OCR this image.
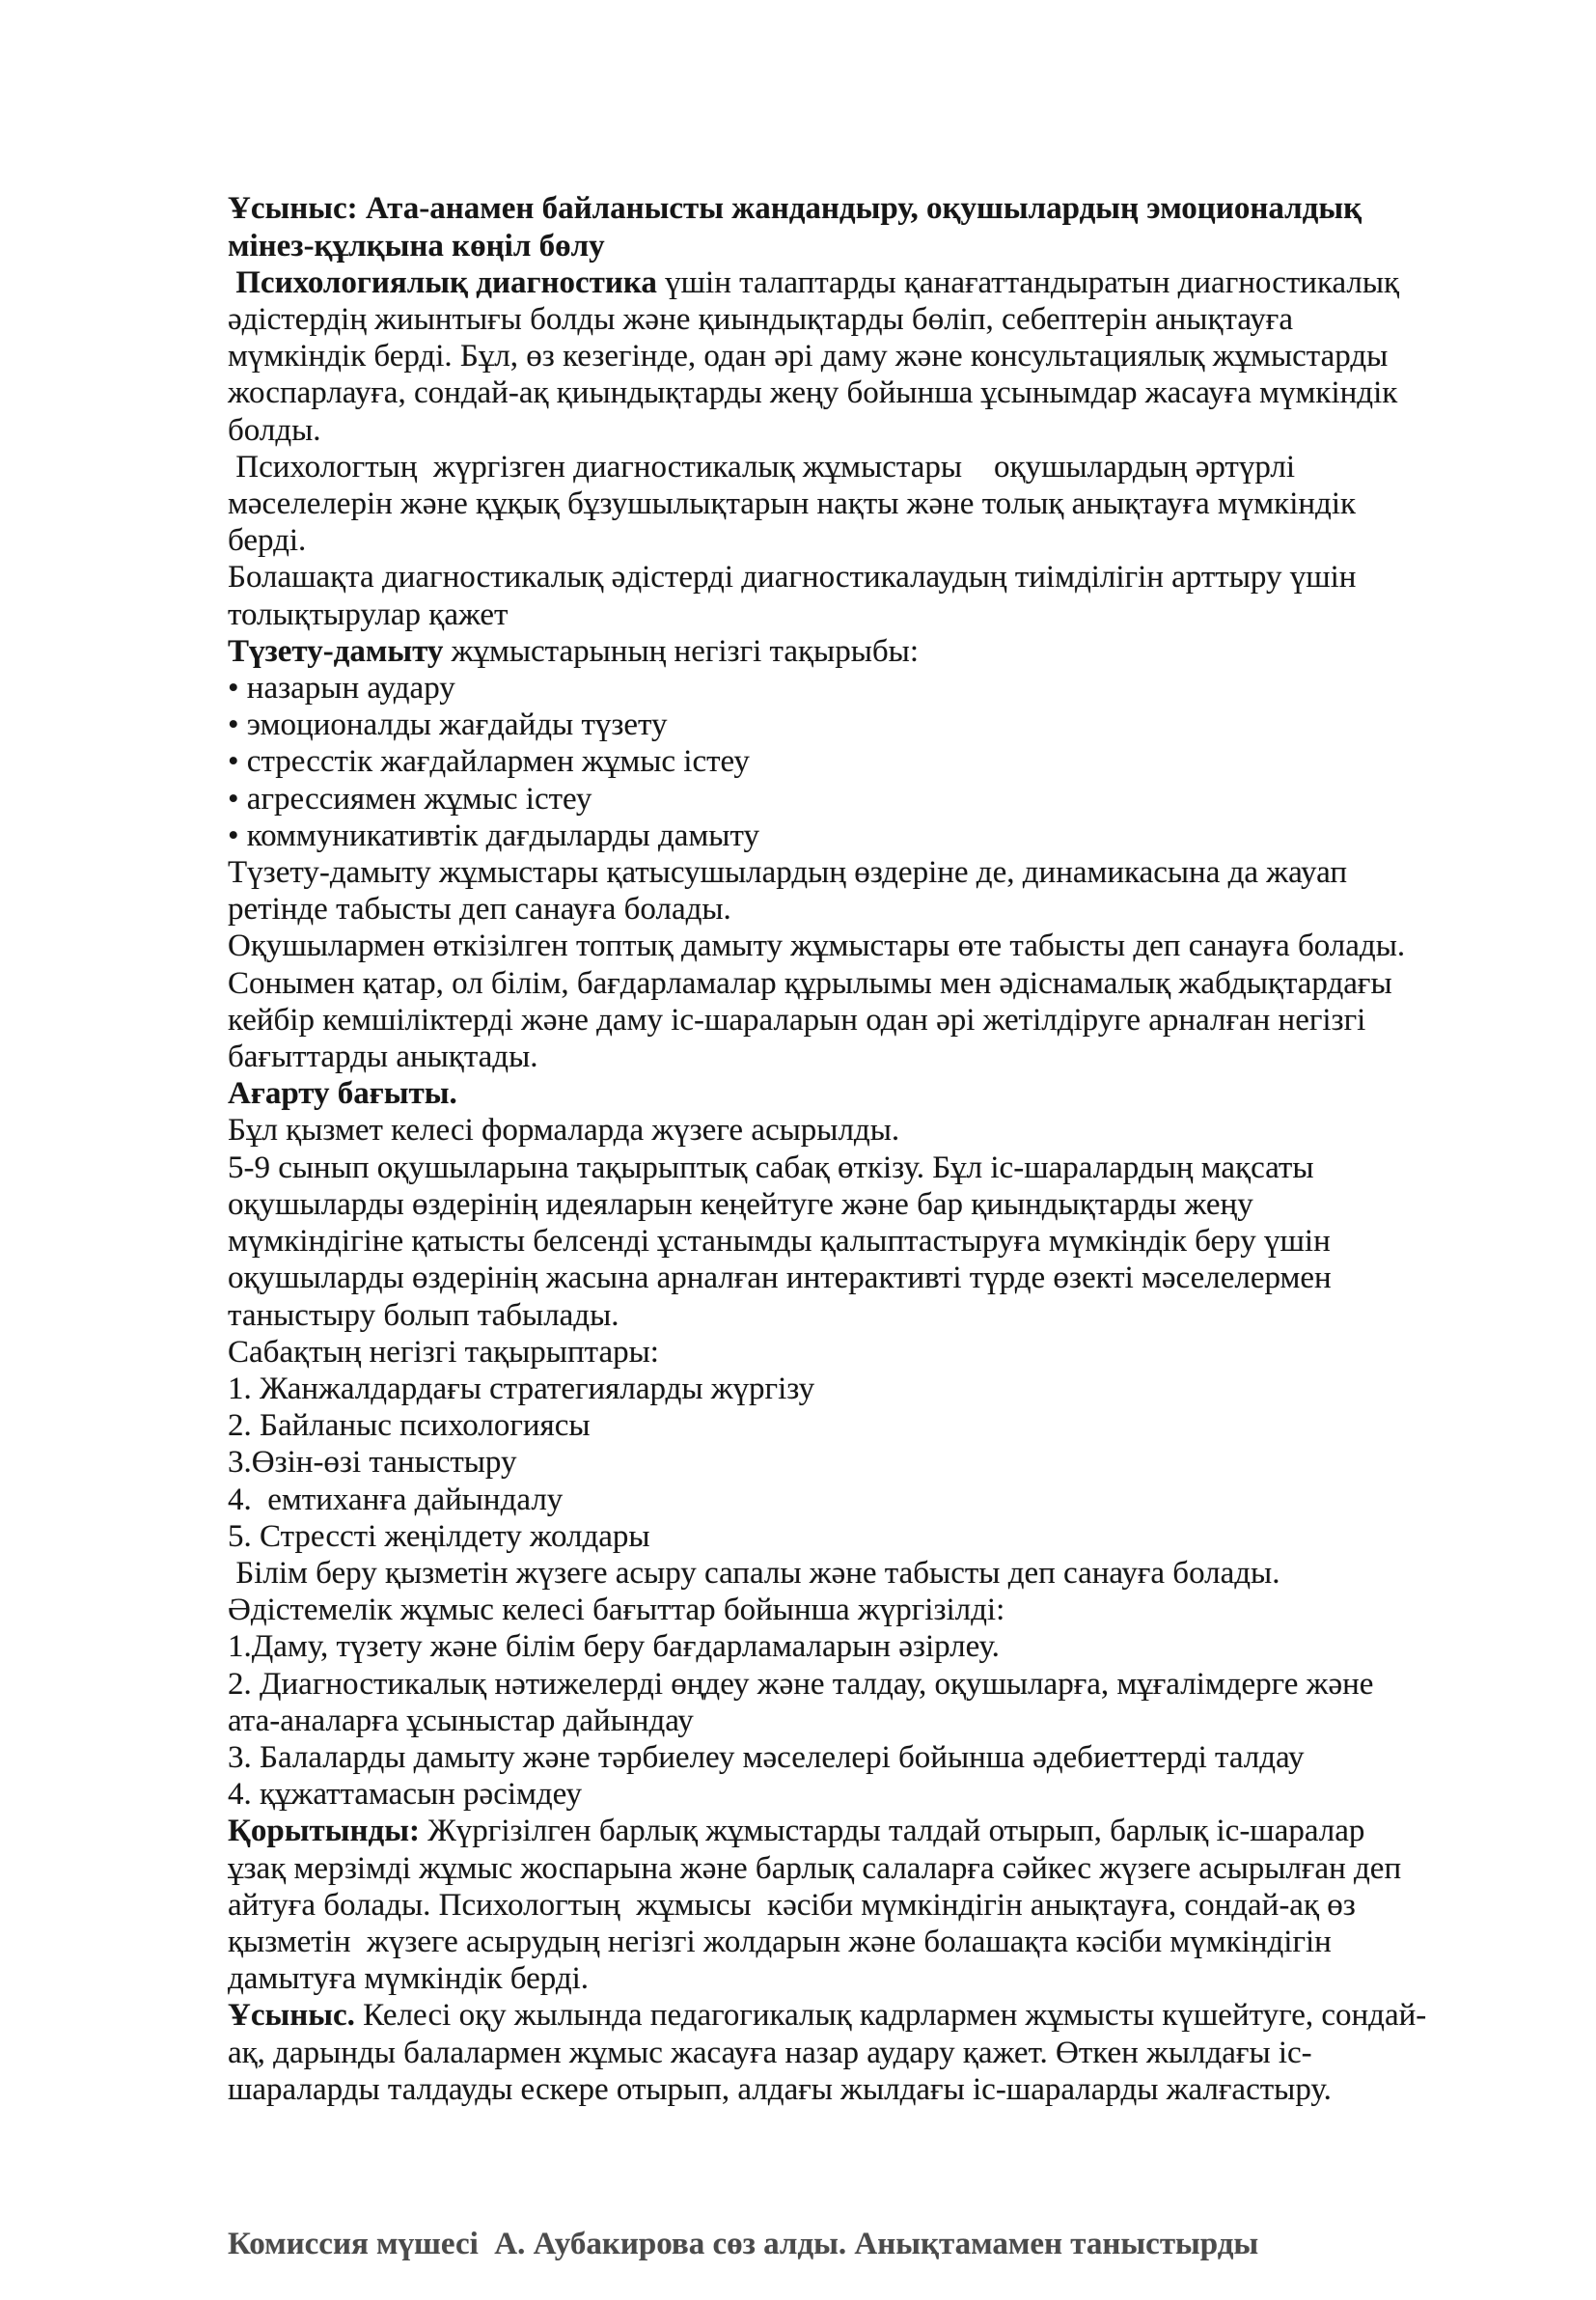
Ұсыныс: Ата-анамен байланысты жандандыру, оқушылардың эмоционалдық
мінез-құлқына көңіл бөлу
Психологиялық диагностика үшін талаптарды қанағаттандыратын диагностикалық
әдістердің жиынтығы болды және қиындықтарды бөліп, себептерін анықтауға
мүмкіндік берді. Бұл, өз кезегінде, одан әрі даму және консультациялық жұмыстарды
жоспарлауға, сондай-ақ қиындықтарды жеңу бойынша ұсынымдар жасауға мүмкіндік
болды.
Психологтың  жүргізген диагностикалық жұмыстары    оқушылардың әртүрлі
мәселелерін және құқық бұзушылықтарын нақты және толық анықтауға мүмкіндік
берді.
Болашақта диагностикалық әдістерді диагностикалаудың тиімділігін арттыру үшін
толықтырулар қажет
Түзету-дамыту жұмыстарының негізгі тақырыбы:
• назарын аудару
• эмоционалды жағдайды түзету
• стресстік жағдайлармен жұмыс істеу
• агрессиямен жұмыс істеу
• коммуникативтік дағдыларды дамыту
Түзету-дамыту жұмыстары қатысушылардың өздеріне де, динамикасына да жауап
ретінде табысты деп санауға болады.
Оқушылармен өткізілген топтық дамыту жұмыстары өте табысты деп санауға болады.
Сонымен қатар, ол білім, бағдарламалар құрылымы мен әдіснамалық жабдықтардағы
кейбір кемшіліктерді және даму іс-шараларын одан әрі жетілдіруге арналған негізгі
бағыттарды анықтады.
Ағарту бағыты.
Бұл қызмет келесі формаларда жүзеге асырылды.
5-9 сынып оқушыларына тақырыптық сабақ өткізу. Бұл іс-шаралардың мақсаты
оқушыларды өздерінің идеяларын кеңейтуге және бар қиындықтарды жеңу
мүмкіндігіне қатысты белсенді ұстанымды қалыптастыруға мүмкіндік беру үшін
оқушыларды өздерінің жасына арналған интерактивті түрде өзекті мәселелермен
таныстыру болып табылады.
Сабақтың негізгі тақырыптары:
1. Жанжалдардағы стратегияларды жүргізу
2. Байланыс психологиясы
3.Өзін-өзі таныстыру
4.  емтиханға дайындалу
5. Стрессті жеңілдету жолдары
Білім беру қызметін жүзеге асыру сапалы және табысты деп санауға болады.
Әдістемелік жұмыс келесі бағыттар бойынша жүргізілді:
1.Даму, түзету және білім беру бағдарламаларын әзірлеу.
2. Диагностикалық нәтижелерді өңдеу және талдау, оқушыларға, мұғалімдерге және
ата-аналарға ұсыныстар дайындау
3. Балаларды дамыту және тәрбиелеу мәселелері бойынша әдебиеттерді талдау
4. құжаттамасын рәсімдеу
Қорытынды: Жүргізілген барлық жұмыстарды талдай отырып, барлық іс-шаралар
ұзақ мерзімді жұмыс жоспарына және барлық салаларға сәйкес жүзеге асырылған деп
айтуға болады. Психологтың  жұмысы  кәсіби мүмкіндігін анықтауға, сондай-ақ өз
қызметін  жүзеге асырудың негізгі жолдарын және болашақта кәсіби мүмкіндігін
дамытуға мүмкіндік берді.
Ұсыныс. Келесі оқу жылында педагогикалық кадрлармен жұмысты күшейтуге, сондай-
ақ, дарынды балалармен жұмыс жасауға назар аудару қажет. Өткен жылдағы іс-
шараларды талдауды ескере отырып, алдағы жылдағы іс-шараларды жалғастыру.

Комиссия мүшесі  А. Аубакирова сөз алды. Анықтамамен таныстырды
